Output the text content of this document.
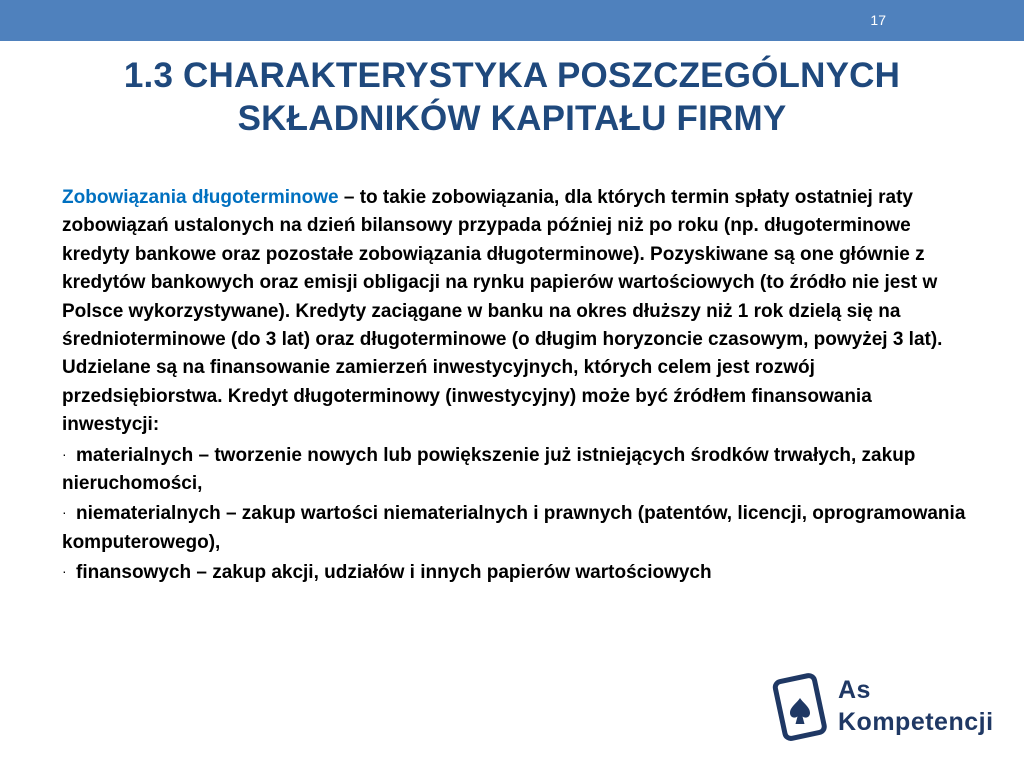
17
1.3 CHARAKTERYSTYKA POSZCZEGÓLNYCH SKŁADNIKÓW KAPITAŁU FIRMY

Zobowiązania długoterminowe – to takie zobowiązania, dla których termin spłaty ostatniej raty zobowiązań ustalonych na dzień bilansowy przypada później niż po roku (np. długoterminowe kredyty bankowe oraz pozostałe zobowiązania długoterminowe). Pozyskiwane są one głównie z kredytów bankowych oraz emisji obligacji na rynku papierów wartościowych (to źródło nie jest w Polsce wykorzystywane). Kredyty zaciągane w banku na okres dłuższy niż 1 rok dzielą się na średnioterminowe (do 3 lat) oraz długoterminowe (o długim horyzoncie czasowym, powyżej 3 lat). Udzielane są na finansowanie zamierzeń inwestycyjnych, których celem jest rozwój przedsiębiorstwa. Kredyt długoterminowy (inwestycyjny) może być źródłem finansowania inwestycji:

· materialnych – tworzenie nowych lub powiększenie już istniejących środków trwałych, zakup nieruchomości,

· niematerialnych – zakup wartości niematerialnych i prawnych (patentów, licencji, oprogramowania komputerowego),

· finansowych – zakup akcji, udziałów i innych papierów wartościowych

As
Kompetencji
